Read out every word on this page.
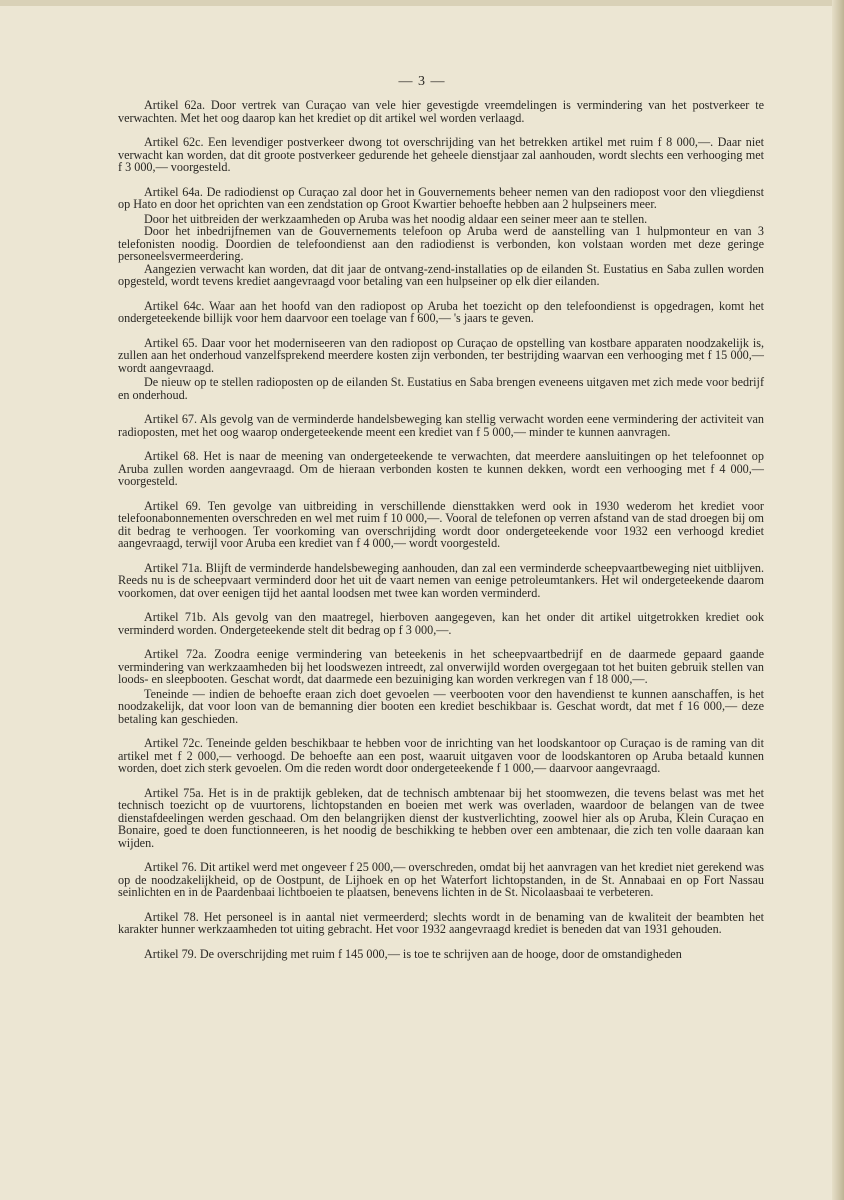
— 3 —

Artikel 62a. Door vertrek van Curaçao van vele hier gevestigde vreemdelingen is vermindering van het postverkeer te verwachten. Met het oog daarop kan het krediet op dit artikel wel worden verlaagd.

Artikel 62c. Een levendiger postverkeer dwong tot overschrijding van het betrekken artikel met ruim f 8 000,—. Daar niet verwacht kan worden, dat dit groote postverkeer gedurende het geheele dienstjaar zal aanhouden, wordt slechts een verhooging met f 3 000,— voorgesteld.

Artikel 64a. De radiodienst op Curaçao zal door het in Gouvernements beheer nemen van den radiopost voor den vliegdienst op Hato en door het oprichten van een zendstation op Groot Kwartier behoefte hebben aan 2 hulpseiners meer.

Door het uitbreiden der werkzaamheden op Aruba was het noodig aldaar een seiner meer aan te stellen.

Door het inbedrijfnemen van de Gouvernements telefoon op Aruba werd de aanstelling van 1 hulpmonteur en van 3 telefonisten noodig. Doordien de telefoondienst aan den radiodienst is verbonden, kon volstaan worden met deze geringe personeelsvermeerdering.

Aangezien verwacht kan worden, dat dit jaar de ontvang-zend-installaties op de eilanden St. Eustatius en Saba zullen worden opgesteld, wordt tevens krediet aangevraagd voor betaling van een hulpseiner op elk dier eilanden.

Artikel 64c. Waar aan het hoofd van den radiopost op Aruba het toezicht op den telefoondienst is opgedragen, komt het ondergeteekende billijk voor hem daarvoor een toelage van f 600,— 's jaars te geven.

Artikel 65. Daar voor het moderniseeren van den radiopost op Curaçao de opstelling van kostbare apparaten noodzakelijk is, zullen aan het onderhoud vanzelfsprekend meerdere kosten zijn verbonden, ter bestrijding waarvan een verhooging met f 15 000,— wordt aangevraagd.

De nieuw op te stellen radioposten op de eilanden St. Eustatius en Saba brengen eveneens uitgaven met zich mede voor bedrijf en onderhoud.

Artikel 67. Als gevolg van de verminderde handelsbeweging kan stellig verwacht worden eene vermindering der activiteit van radioposten, met het oog waarop ondergeteekende meent een krediet van f 5 000,— minder te kunnen aanvragen.

Artikel 68. Het is naar de meening van ondergeteekende te verwachten, dat meerdere aansluitingen op het telefoonnet op Aruba zullen worden aangevraagd. Om de hieraan verbonden kosten te kunnen dekken, wordt een verhooging met f 4 000,— voorgesteld.

Artikel 69. Ten gevolge van uitbreiding in verschillende diensttakken werd ook in 1930 wederom het krediet voor telefoonabonnementen overschreden en wel met ruim f 10 000,—. Vooral de telefonen op verren afstand van de stad droegen bij om dit bedrag te verhoogen. Ter voorkoming van overschrijding wordt door ondergeteekende voor 1932 een verhoogd krediet aangevraagd, terwijl voor Aruba een krediet van f 4 000,— wordt voorgesteld.

Artikel 71a. Blijft de verminderde handelsbeweging aanhouden, dan zal een verminderde scheepvaartbeweging niet uitblijven. Reeds nu is de scheepvaart verminderd door het uit de vaart nemen van eenige petroleumtankers. Het wil ondergeteekende daarom voorkomen, dat over eenigen tijd het aantal loodsen met twee kan worden verminderd.

Artikel 71b. Als gevolg van den maatregel, hierboven aangegeven, kan het onder dit artikel uitgetrokken krediet ook verminderd worden. Ondergeteekende stelt dit bedrag op f 3 000,—.

Artikel 72a. Zoodra eenige vermindering van beteekenis in het scheepvaartbedrijf en de daarmede gepaard gaande vermindering van werkzaamheden bij het loodswezen intreedt, zal onverwijld worden overgegaan tot het buiten gebruik stellen van loods- en sleepbooten. Geschat wordt, dat daarmede een bezuiniging kan worden verkregen van f 18 000,—.

Teneinde — indien de behoefte eraan zich doet gevoelen — veerbooten voor den havendienst te kunnen aanschaffen, is het noodzakelijk, dat voor loon van de bemanning dier booten een krediet beschikbaar is. Geschat wordt, dat met f 16 000,— deze betaling kan geschieden.

Artikel 72c. Teneinde gelden beschikbaar te hebben voor de inrichting van het loodskantoor op Curaçao is de raming van dit artikel met f 2 000,— verhoogd. De behoefte aan een post, waaruit uitgaven voor de loodskantoren op Aruba betaald kunnen worden, doet zich sterk gevoelen. Om die reden wordt door ondergeteekende f 1 000,— daarvoor aangevraagd.

Artikel 75a. Het is in de praktijk gebleken, dat de technisch ambtenaar bij het stoomwezen, die tevens belast was met het technisch toezicht op de vuurtorens, lichtopstanden en boeien met werk was overladen, waardoor de belangen van de twee dienstafdeelingen werden geschaad. Om den belangrijken dienst der kustverlichting, zoowel hier als op Aruba, Klein Curaçao en Bonaire, goed te doen functionneeren, is het noodig de beschikking te hebben over een ambtenaar, die zich ten volle daaraan kan wijden.

Artikel 76. Dit artikel werd met ongeveer f 25 000,— overschreden, omdat bij het aanvragen van het krediet niet gerekend was op de noodzakelijkheid, op de Oostpunt, de Lijhoek en op het Waterfort lichtopstanden, in de St. Annabaai en op Fort Nassau seinlichten en in de Paardenbaai lichtboeien te plaatsen, benevens lichten in de St. Nicolaasbaai te verbeteren.

Artikel 78. Het personeel is in aantal niet vermeerderd; slechts wordt in de benaming van de kwaliteit der beambten het karakter hunner werkzaamheden tot uiting gebracht. Het voor 1932 aangevraagd krediet is beneden dat van 1931 gehouden.

Artikel 79. De overschrijding met ruim f 145 000,— is toe te schrijven aan de hooge, door de omstandigheden
